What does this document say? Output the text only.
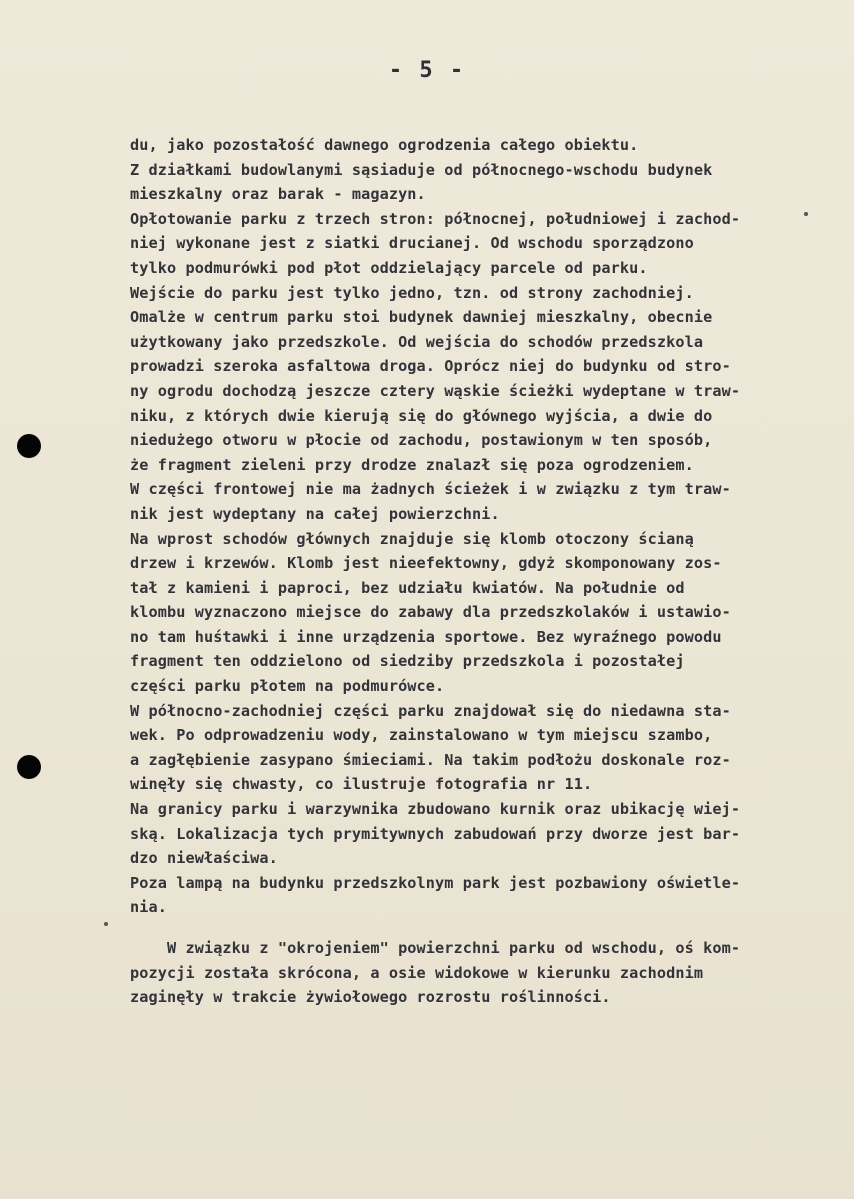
- 5 -
du, jako pozostałość dawnego ogrodzenia całego obiektu.
Z działkami budowlanymi sąsiaduje od północnego-wschodu budynek
mieszkalny oraz barak - magazyn.
Opłotowanie parku z trzech stron: północnej, południowej i zachod-
niej wykonane jest z siatki drucianej. Od wschodu sporządzono
tylko podmurówki pod płot oddzielający parcele od parku.
Wejście do parku jest tylko jedno, tzn. od strony zachodniej.
Omalże w centrum parku stoi budynek dawniej mieszkalny, obecnie
użytkowany jako przedszkole. Od wejścia do schodów przedszkola
prowadzi szeroka asfaltowa droga. Oprócz niej do budynku od stro-
ny ogrodu dochodzą jeszcze cztery wąskie ścieżki wydeptane w traw-
niku, z których dwie kierują się do głównego wyjścia, a dwie do
niedużego otworu w płocie od zachodu, postawionym w ten sposób,
że fragment zieleni przy drodze znalazł się poza ogrodzeniem.
W części frontowej nie ma żadnych ścieżek i w związku z tym traw-
nik jest wydeptany na całej powierzchni.
Na wprost schodów głównych znajduje się klomb otoczony ścianą
drzew i krzewów. Klomb jest nieefektowny, gdyż skomponowany zos-
tał z kamieni i paproci, bez udziału kwiatów. Na południe od
klombu wyznaczono miejsce do zabawy dla przedszkolaków i ustawio-
no tam huśtawki i inne urządzenia sportowe. Bez wyraźnego powodu
fragment ten oddzielono od siedziby przedszkola i pozostałej
części parku płotem na podmurówce.
W północno-zachodniej części parku znajdował się do niedawna sta-
wek. Po odprowadzeniu wody, zainstalowano w tym miejscu szambo,
a zagłębienie zasypano śmieciami. Na takim podłożu doskonale roz-
winęły się chwasty, co ilustruje fotografia nr 11.
Na granicy parku i warzywnika zbudowano kurnik oraz ubikację wiej-
ską. Lokalizacja tych prymitywnych zabudowań przy dworze jest bar-
dzo niewłaściwa.
Poza lampą na budynku przedszkolnym park jest pozbawiony oświetle-
nia.
W związku z "okrojeniem" powierzchni parku od wschodu, oś kom-
pozycji została skrócona, a osie widokowe w kierunku zachodnim
zaginęły w trakcie żywiołowego rozrostu roślinności.
